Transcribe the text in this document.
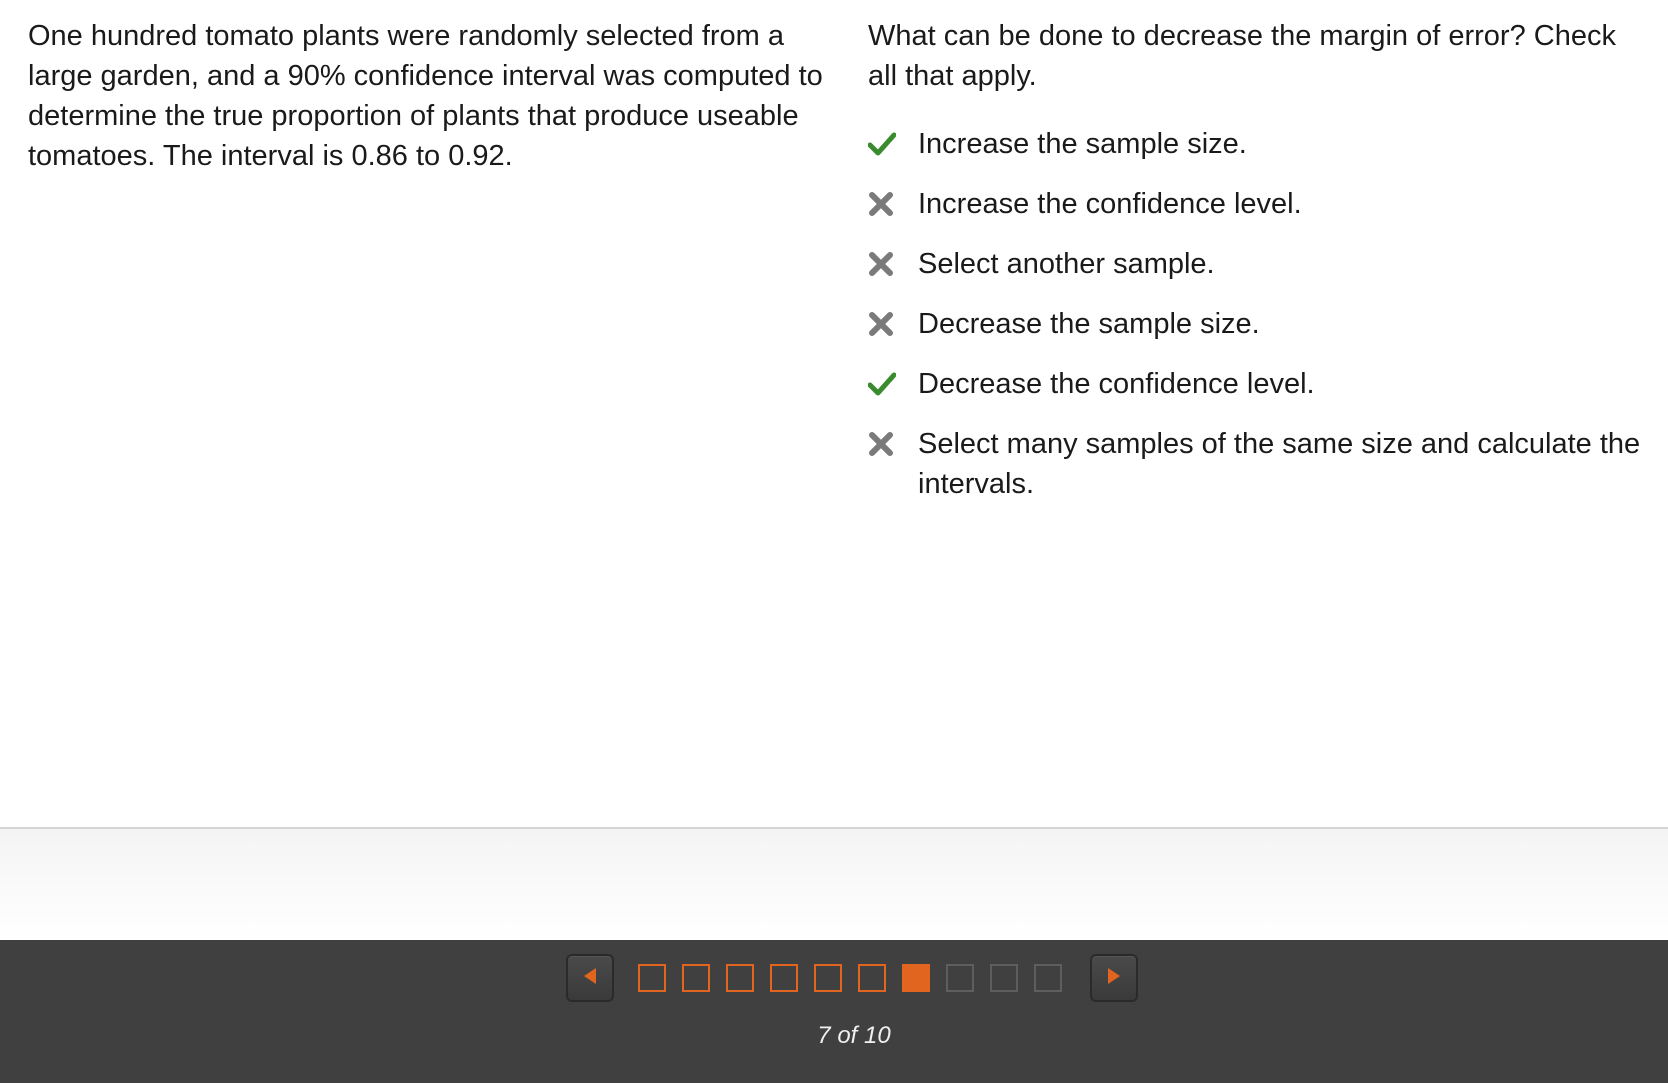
One hundred tomato plants were randomly selected from a large garden, and a 90% confidence interval was computed to determine the true proportion of plants that produce useable tomatoes. The interval is 0.86 to 0.92.

What can be done to decrease the margin of error? Check all that apply.

Increase the sample size.
Increase the confidence level.
Select another sample.
Decrease the sample size.
Decrease the confidence level.
Select many samples of the same size and calculate the intervals.
7 of 10
